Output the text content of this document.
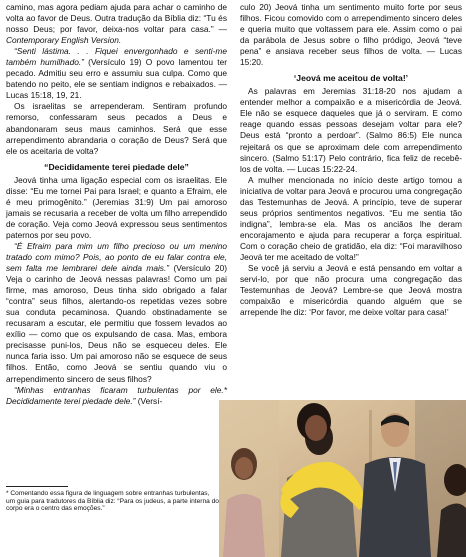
camino, mas agora pediam ajuda para achar o caminho de volta ao favor de Deus. Outra tradução da Bíblia diz: “Tu és nosso Deus; por favor, deixa-nos voltar para casa.” — Contemporary English Version.

“Senti lástima. . . Fiquei envergonhado e senti-me também humilhado.” (Versículo 19) O povo lamentou ter pecado. Admitiu seu erro e assumiu sua culpa. Como que batendo no peito, ele se sentiam indignos e rebaixados. — Lucas 15:18, 19, 21.

Os israelitas se arrependeram. Sentiram profundo remorso, confessaram seus pecados a Deus e abandonaram seus maus caminhos. Será que esse arrependimento abrandaria o coração de Deus? Será que ele os aceitaria de volta?

“Decididamente terei piedade dele”

Jeová tinha uma ligação especial com os israelitas. Ele disse: “Eu me tornei Pai para Israel; e quanto a Efraim, ele é meu primogênito.” (Jeremias 31:9) Um pai amoroso jamais se recusaria a receber de volta um filho arrependido de coração. Veja como Jeová expressou seus sentimentos paternos por seu povo.

“É Efraim para mim um filho precioso ou um menino tratado com mimo? Pois, ao ponto de eu falar contra ele, sem falta me lembrarei dele ainda mais.” (Versículo 20) Veja o carinho de Jeová nessas palavras! Como um pai firme, mas amoroso, Deus tinha sido obrigado a falar “contra” seus filhos, alertando-os repetidas vezes sobre sua conduta pecaminosa. Quando obstinadamente se recusaram a escutar, ele permitiu que fossem levados ao exílio — como que os expulsando de casa. Mas, embora precisasse puni-los, Deus não se esqueceu deles. Ele nunca faria isso. Um pai amoroso não se esquece de seus filhos. Então, como Jeová se sentiu quando viu o arrependimento sincero de seus filhos?

“Minhas entranhas ficaram turbulentas por ele.* Decididamente terei piedade dele.” (Versí-

* Comentando essa figura de linguagem sobre entranhas turbulentas, um guia para tradutores da Bíblia diz: “Para os judeus, a parte interna do corpo era o centro das emoções.”

culo 20) Jeová tinha um sentimento muito forte por seus filhos. Ficou comovido com o arrependimento sincero deles e queria muito que voltassem para ele. Assim como o pai da parábola de Jesus sobre o filho pródigo, Jeová “teve pena” e ansiava receber seus filhos de volta. — Lucas 15:20.

‘Jeová me aceitou de volta!’

As palavras em Jeremias 31:18-20 nos ajudam a entender melhor a compaixão e a misericórdia de Jeová. Ele não se esquece daqueles que já o serviram. E como reage quando essas pessoas desejam voltar para ele? Deus está “pronto a perdoar”. (Salmo 86:5) Ele nunca rejeitará os que se aproximam dele com arrependimento sincero. (Salmo 51:17) Pelo contrário, fica feliz de recebê-los de volta. — Lucas 15:22-24.

A mulher mencionada no início deste artigo tomou a iniciativa de voltar para Jeová e procurou uma congregação das Testemunhas de Jeová. A princípio, teve de superar seus próprios sentimentos negativos. “Eu me sentia tão indigna”, lembra-se ela. Mas os anciãos lhe deram encorajamento e ajuda para recuperar a força espiritual. Com o coração cheio de gratidão, ela diz: “Foi maravilhoso Jeová ter me aceitado de volta!”

Se você já serviu a Jeová e está pensando em voltar a servi-lo, por que não procura uma congregação das Testemunhas de Jeová? Lembre-se que Jeová mostra compaixão e misericórdia quando alguém que se arrepende lhe diz: ‘Por favor, me deixe voltar para casa!’
